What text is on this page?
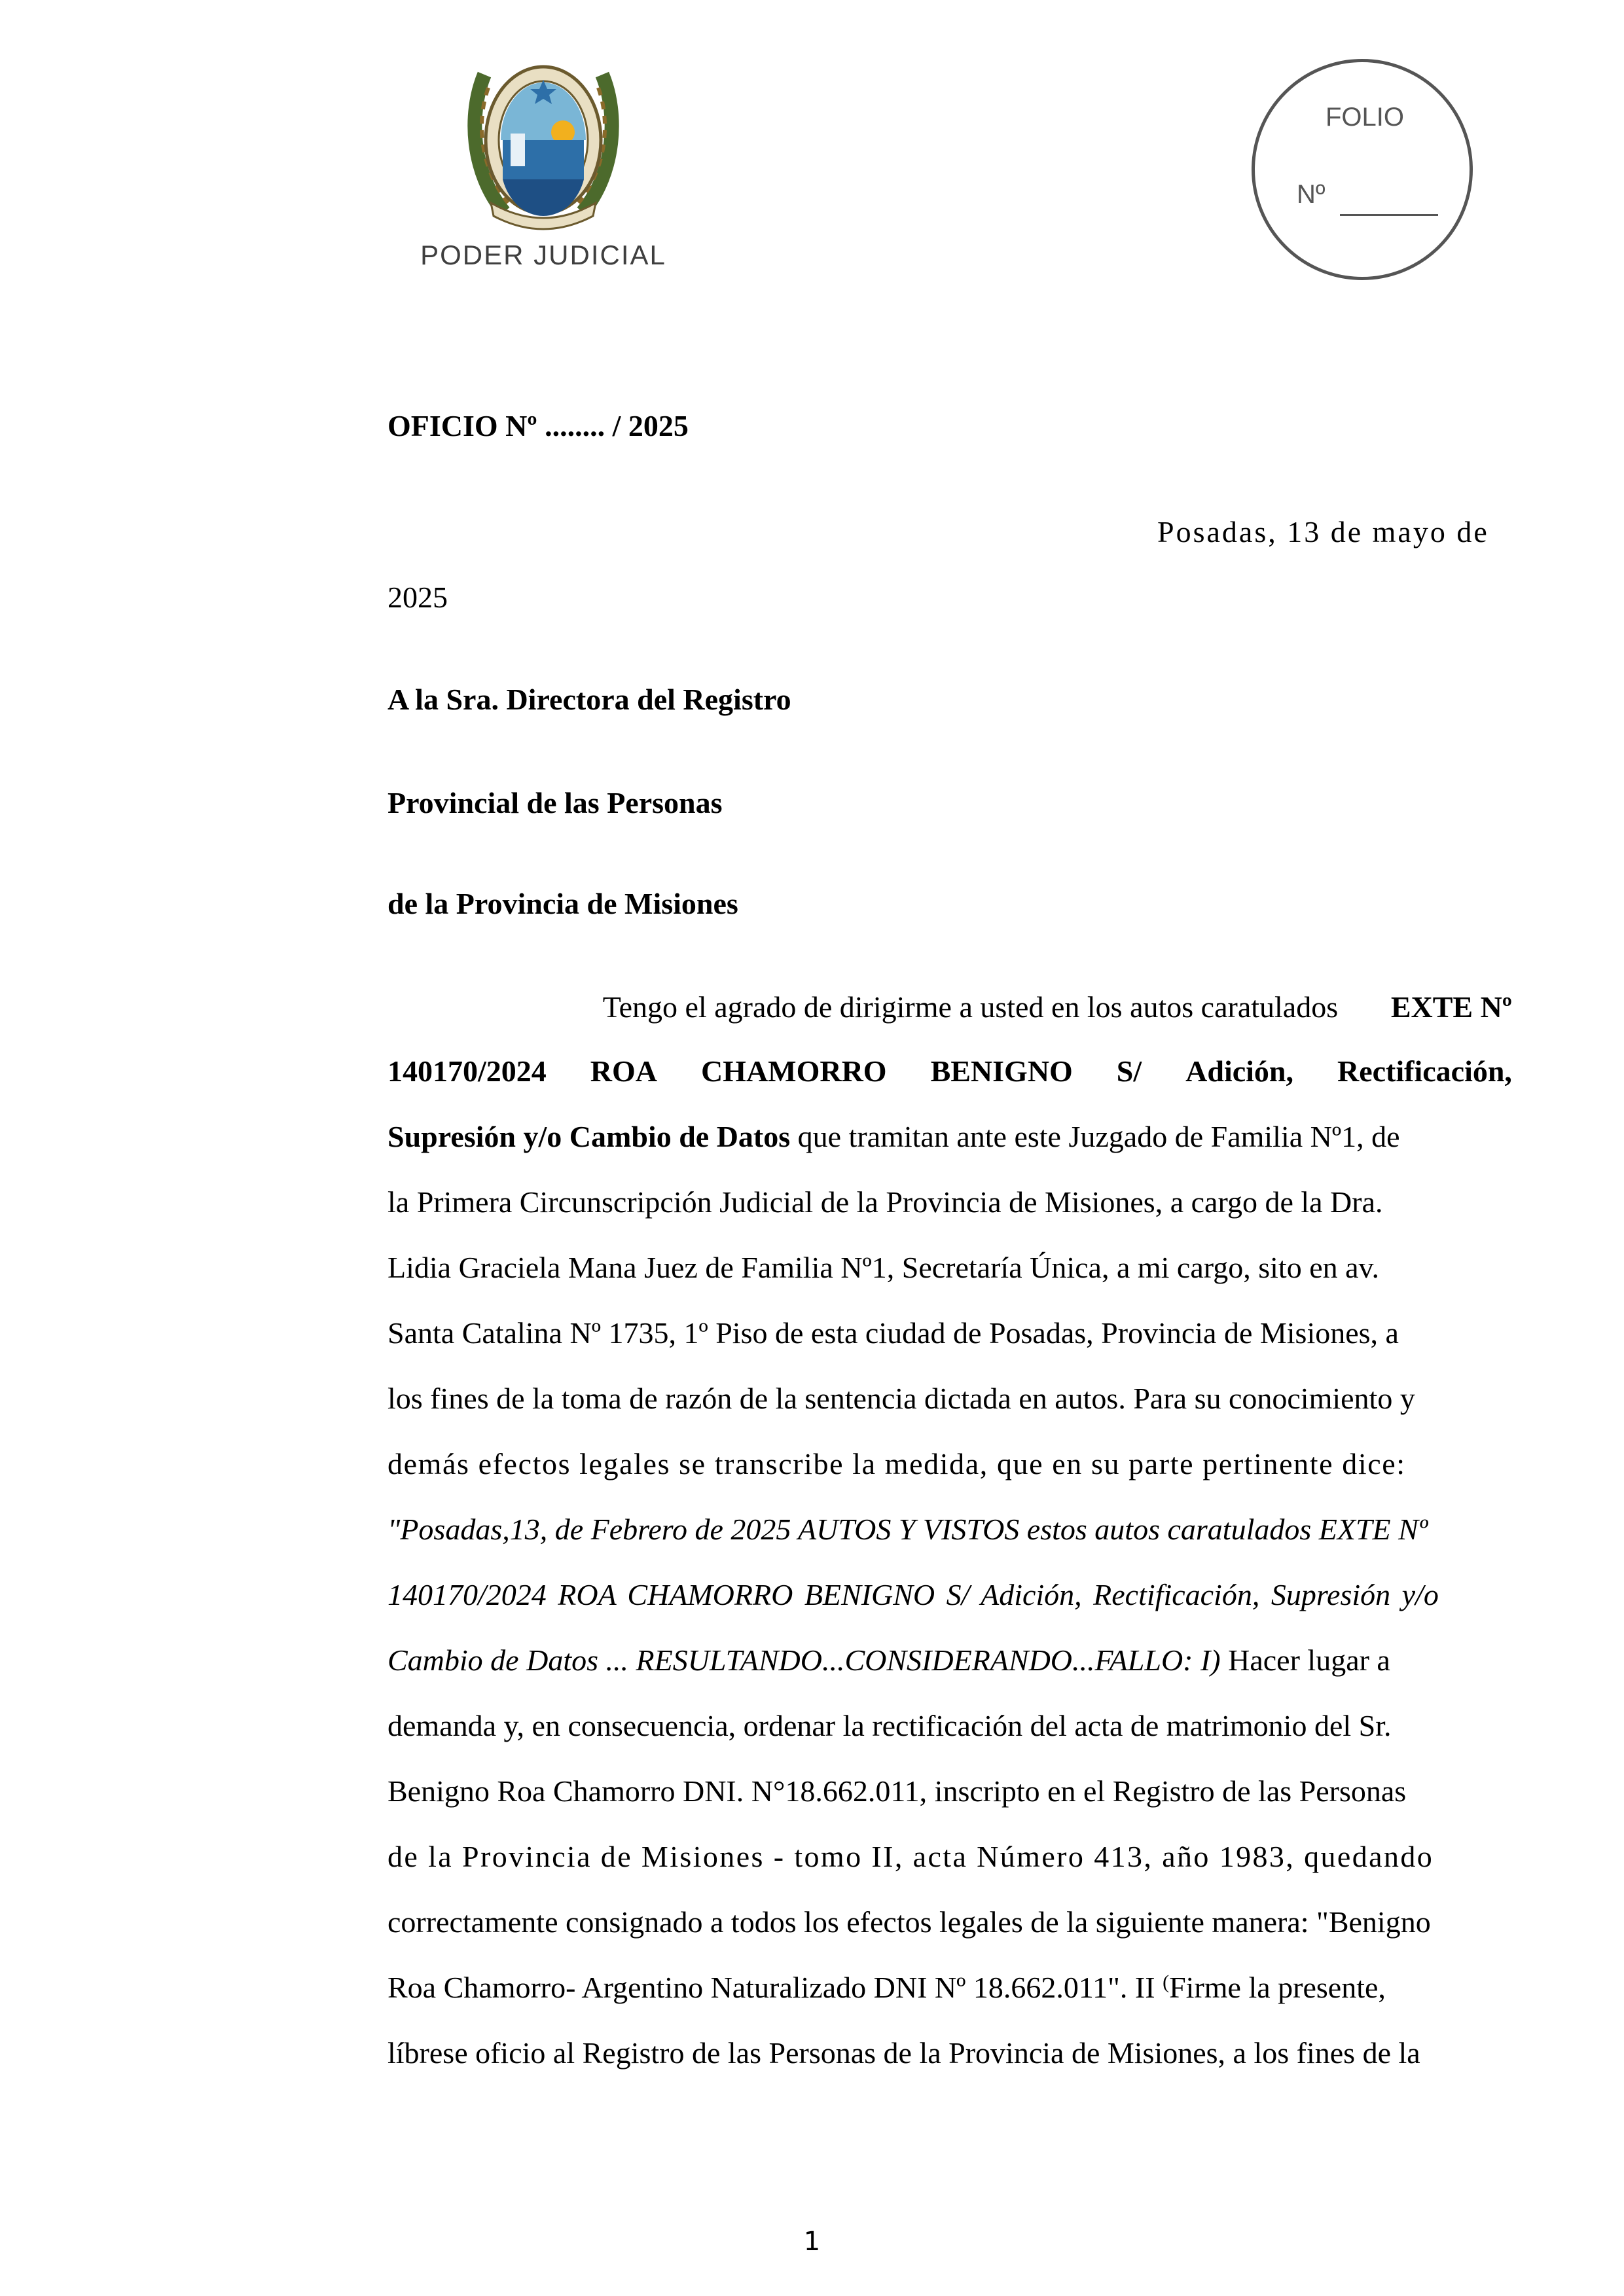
PODER JUDICIAL
FOLIO
Nº
OFICIO Nº ........ / 2025
Posadas, 13 de mayo de
2025
A la Sra. Directora del Registro
Provincial de las Personas
de la Provincia de Misiones
Tengo el agrado de dirigirme a usted en los autos caratulados EXTE Nº
140170/2024 ROA CHAMORRO BENIGNO S/ Adición, Rectificación,
Supresión y/o Cambio de Datos que tramitan ante este Juzgado de Familia Nº1, de
la Primera Circunscripción Judicial de la Provincia de Misiones, a cargo de la Dra.
Lidia Graciela Mana Juez de Familia Nº1, Secretaría Única, a mi cargo, sito en av.
Santa Catalina Nº 1735, 1º Piso de esta ciudad de Posadas, Provincia de Misiones, a
los fines de la toma de razón de la sentencia dictada en autos. Para su conocimiento y
demás efectos legales se transcribe la medida, que en su parte pertinente dice:
"Posadas,13, de Febrero de 2025 AUTOS Y VISTOS estos autos caratulados EXTE Nº
140170/2024 ROA CHAMORRO BENIGNO S/ Adición, Rectificación, Supresión y/o
Cambio de Datos ... RESULTANDO...CONSIDERANDO...FALLO: I) Hacer lugar a
demanda y, en consecuencia, ordenar la rectificación del acta de matrimonio del Sr.
Benigno Roa Chamorro DNI. N°18.662.011, inscripto en el Registro de las Personas
de la Provincia de Misiones - tomo II, acta Número 413, año 1983, quedando
correctamente consignado a todos los efectos legales de la siguiente manera: "Benigno
Roa Chamorro- Argentino Naturalizado DNI Nº 18.662.011". II (Firme la presente,
líbrese oficio al Registro de las Personas de la Provincia de Misiones, a los fines de la
1
